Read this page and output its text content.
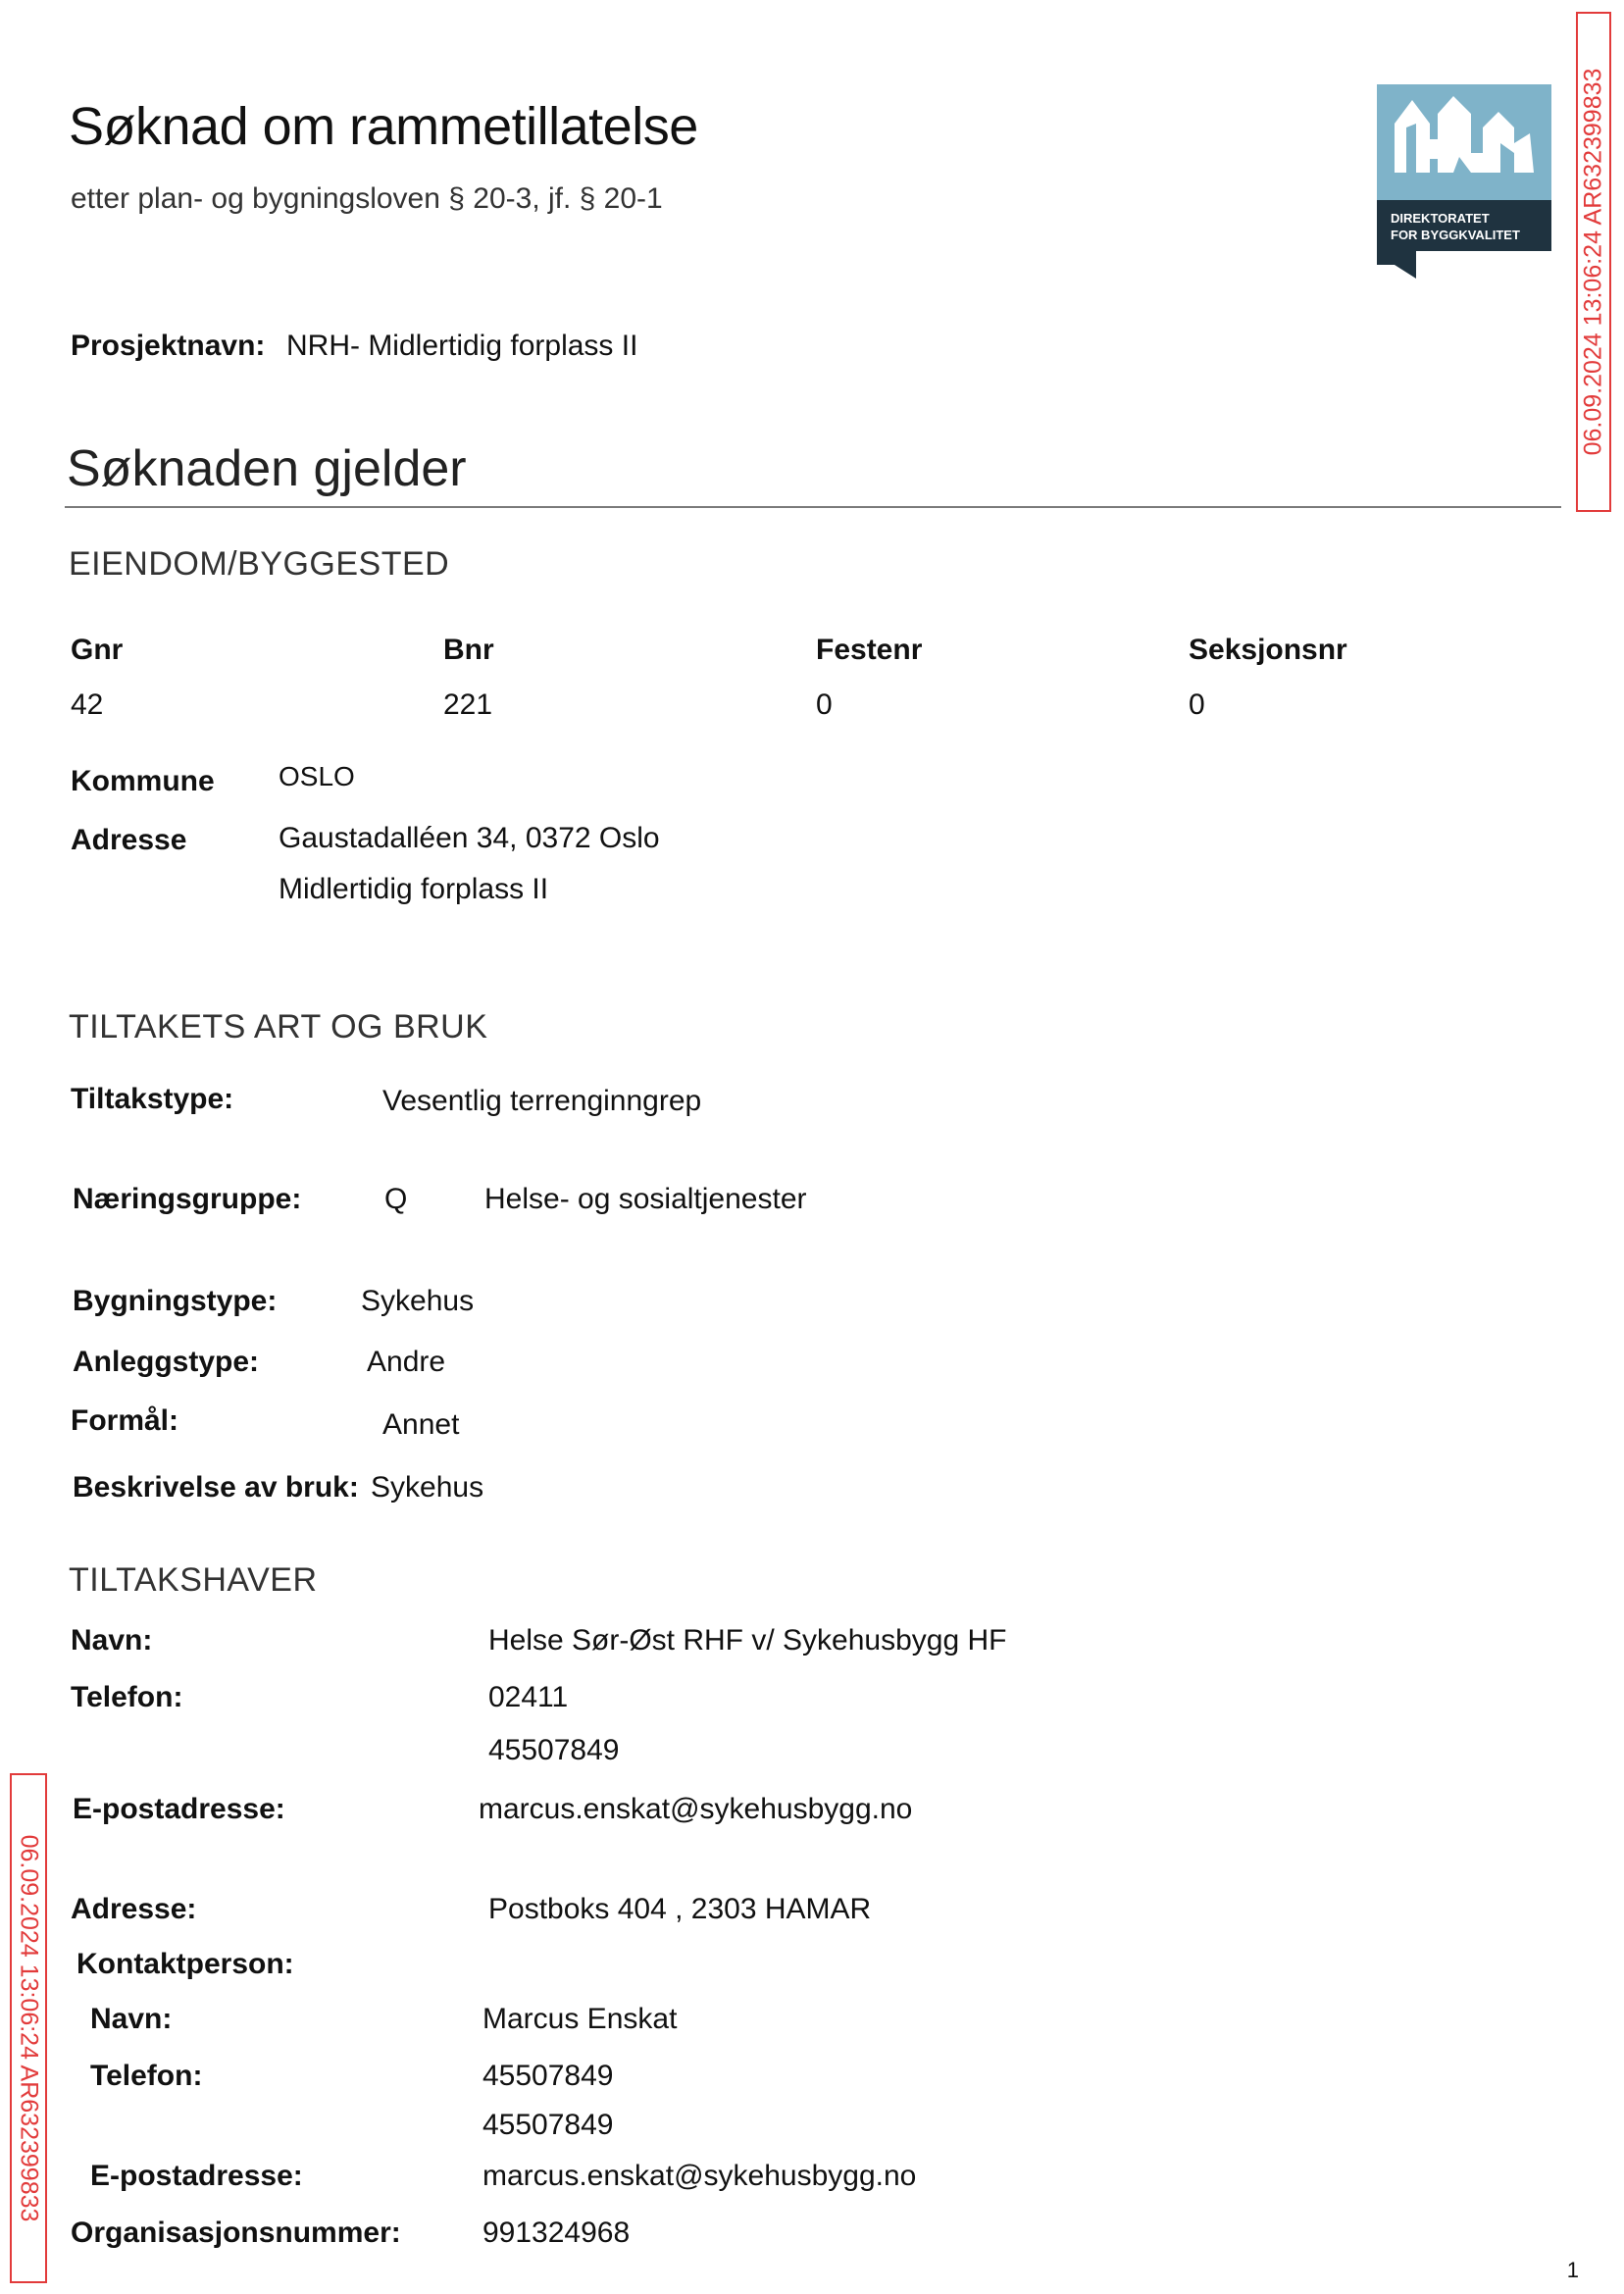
Søknad om rammetillatelse
etter plan- og bygningsloven § 20-3, jf. § 20-1
DIREKTORATET
FOR BYGGKVALITET 06.09.2024 13:06:24 AR632399833
06.09.2024 13:06:24 AR632399833
Prosjektnavn: NRH- Midlertidig forplass II
Søknaden gjelder
EIENDOM/BYGGESTED
Gnr	Bnr	Festenr	Seksjonsnr
42	221	0	0
Kommune OSLO
Adresse	Gaustadalléen 34, 0372 Oslo
Midlertidig forplass II
TILTAKETS ART OG BRUK
Tiltakstype:	Vesentlig terrenginngrep
Næringsgruppe:	Q	Helse- og sosialtjenester
Bygningstype:	Sykehus
Anleggstype:	Andre
Formål:	Annet
Beskrivelse av bruk: Sykehus
TILTAKSHAVER
Navn:	Helse Sør-Øst RHF v/ Sykehusbygg HF
Telefon:	02411
45507849
E-postadresse:	marcus.enskat@sykehusbygg.no
Adresse:	Postboks 404 , 2303 HAMAR
Kontaktperson:
Navn:	Marcus Enskat
Telefon:	45507849
45507849
E-postadresse:	marcus.enskat@sykehusbygg.no
Organisasjonsnummer:	991324968
1
